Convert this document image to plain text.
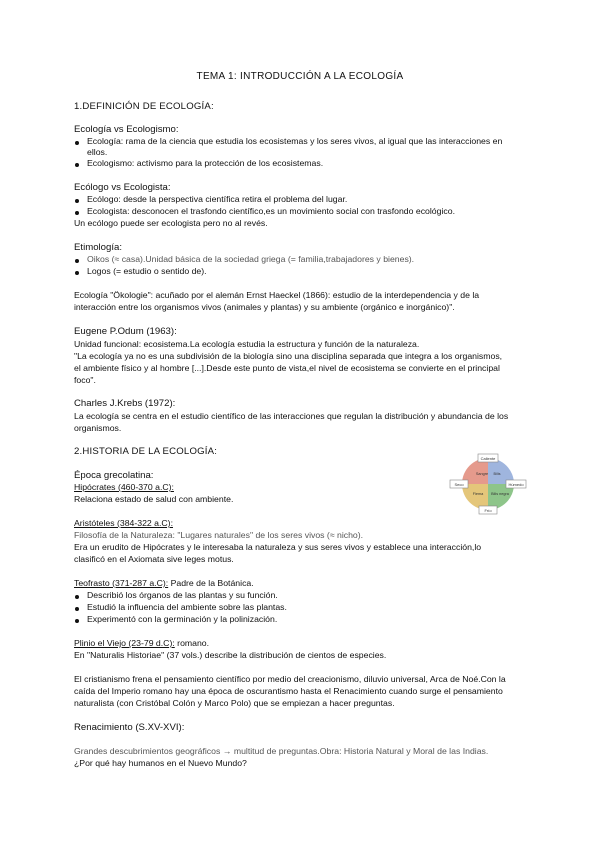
TEMA 1: INTRODUCCIÓN A LA ECOLOGÍA
1.DEFINICIÓN DE ECOLOGÍA:
Ecología vs Ecologismo:
Ecología: rama de la ciencia que estudia los ecosistemas y los seres vivos, al igual que las interacciones en
ellos.
Ecologismo: activismo para la protección de los ecosistemas.
Ecólogo vs Ecologista:
Ecólogo: desde la perspectiva científica retira el problema del lugar.
Ecologista: desconocen el trasfondo científico,es un movimiento social con trasfondo ecológico.
Un ecólogo puede ser ecologista pero no al revés.
Etimología:
Oikos (≈ casa).Unidad básica de la sociedad griega (= familia,trabajadores y bienes).
Logos (= estudio o sentido de).
Ecología "Ökologie": acuñado por el alemán Ernst Haeckel (1866): estudio de la interdependencia y de la
interacción entre los organismos vivos (animales y plantas) y su ambiente (orgánico e inorgánico)".
Eugene P.Odum (1963):
Unidad funcional: ecosistema.La ecología estudia la estructura y función de la naturaleza.
"La ecología ya no es una subdivisión de la biología sino una disciplina separada que integra a los organismos,
el ambiente físico y al hombre [...].Desde este punto de vista,el nivel de ecosistema se convierte en el principal
foco".
Charles J.Krebs (1972):
La ecología se centra en el estudio científico de las interacciones que regulan la distribución y abundancia de los
organismos.
2.HISTORIA DE LA ECOLOGÍA:
Época grecolatina:
Hipócrates (460-370 a.C):
Relaciona estado de salud con ambiente.
Caliente
Seco	Húmedo
Frío
Sangre Bilis
Bilis negra
Flema
Aristóteles (384-322 a.C):
Filosofía de la Naturaleza: "Lugares naturales" de los seres vivos (≈ nicho).
Era un erudito de Hipócrates y le interesaba la naturaleza y sus seres vivos y establece una interacción,lo
clasificó en el Axiomata sive leges motus.
Teofrasto (371-287 a.C): Padre de la Botánica.
Describió los órganos de las plantas y su función.
Estudió la influencia del ambiente sobre las plantas.
Experimentó con la germinación y la polinización.
Plinio el Viejo (23-79 d.C): romano.
En "Naturalis Historiae" (37 vols.) describe la distribución de cientos de especies.
El cristianismo frena el pensamiento científico por medio del creacionismo, diluvio universal, Arca de Noé.Con la
caída del Imperio romano hay una época de oscurantismo hasta el Renacimiento cuando surge el pensamiento
naturalista (con Cristóbal Colón y Marco Polo) que se empiezan a hacer preguntas.
Renacimiento (S.XV-XVI):
Grandes descubrimientos geográficos → multitud de preguntas.Obra: Historia Natural y Moral de las Indias.
¿Por qué hay humanos en el Nuevo Mundo?
